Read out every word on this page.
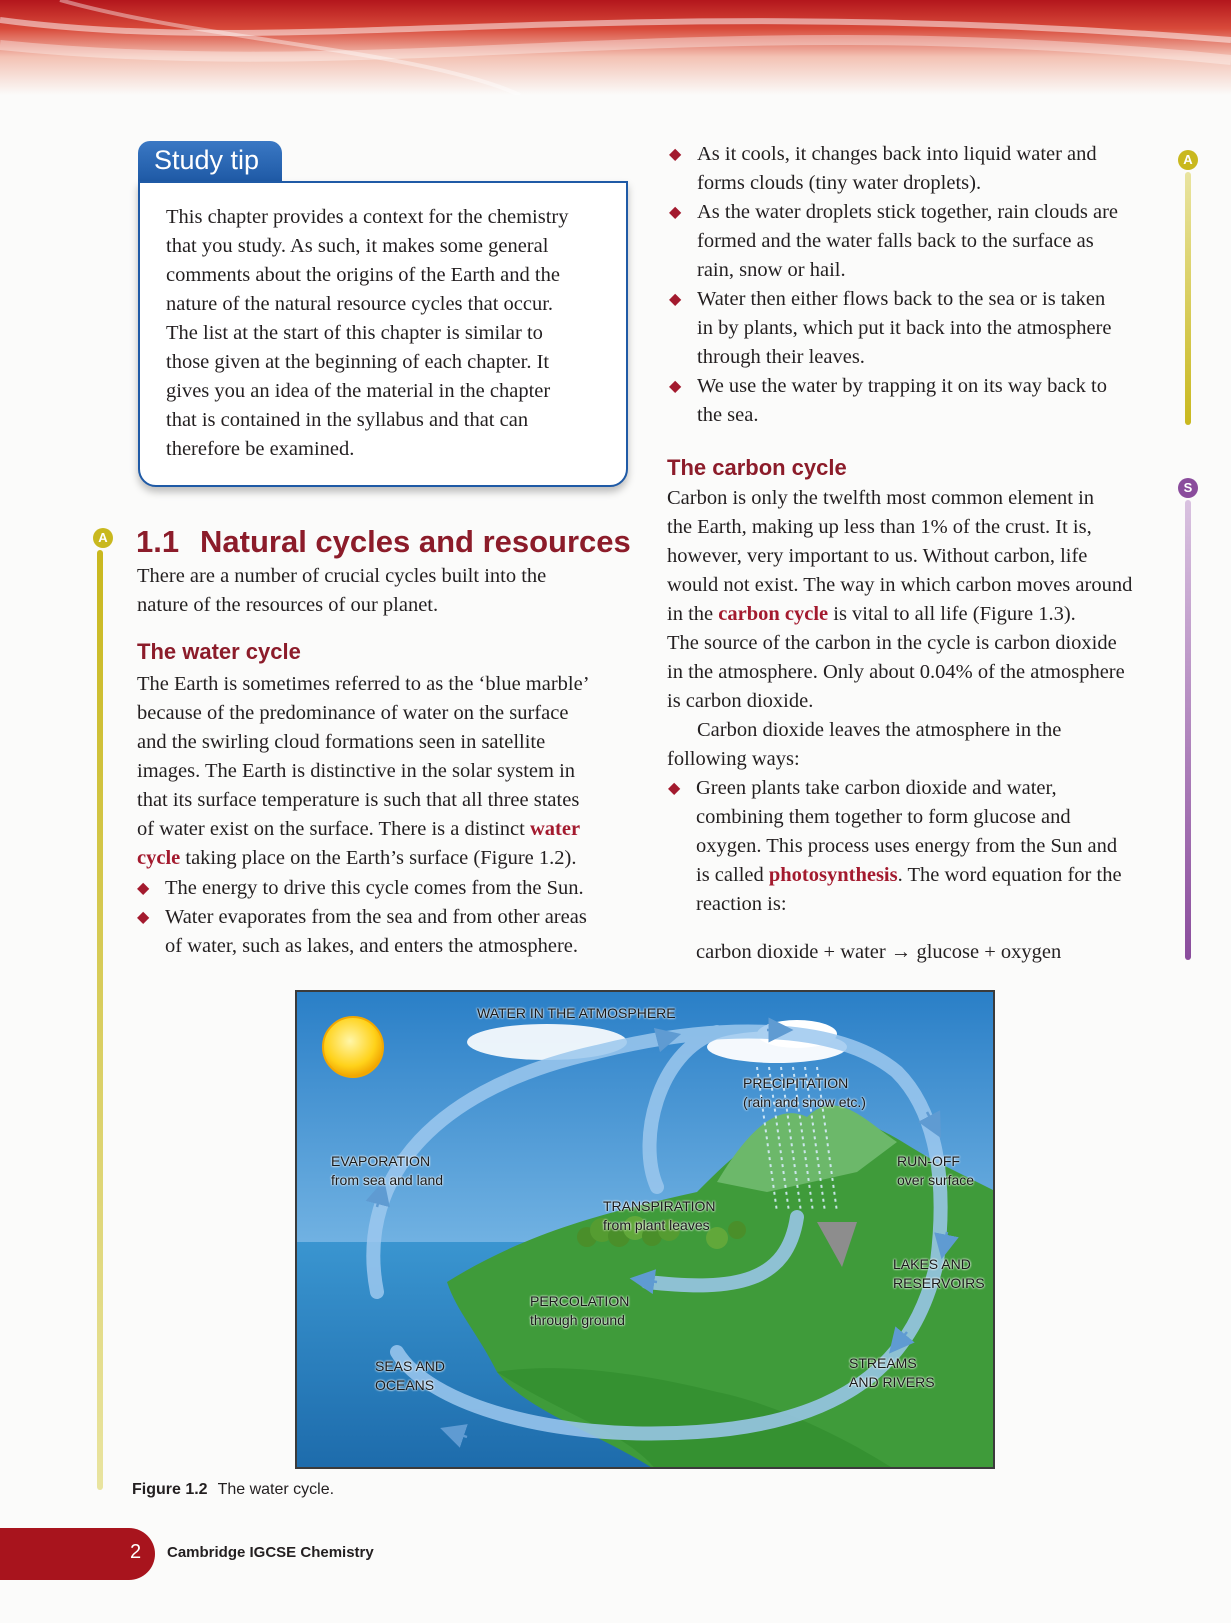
Study tip
This chapter provides a context for the chemistry
that you study. As such, it makes some general
comments about the origins of the Earth and the
nature of the natural resource cycles that occur.
The list at the start of this chapter is similar to
those given at the beginning of each chapter. It
gives you an idea of the material in the chapter
that is contained in the syllabus and that can
therefore be examined.
A
A
S
1.1 Natural cycles and resources
There are a number of crucial cycles built into the
nature of the resources of our planet.
The water cycle
The Earth is sometimes referred to as the ‘blue marble’
because of the predominance of water on the surface
and the swirling cloud formations seen in satellite
images. The Earth is distinctive in the solar system in
that its surface temperature is such that all three states
of water exist on the surface. There is a distinct water
cycle taking place on the Earth’s surface (Figure 1.2).
◆ The energy to drive this cycle comes from the Sun.
◆ Water evaporates from the sea and from other areas
of water, such as lakes, and enters the atmosphere.
◆ As it cools, it changes back into liquid water and
forms clouds (tiny water droplets).
◆ As the water droplets stick together, rain clouds are
formed and the water falls back to the surface as
rain, snow or hail.
◆ Water then either flows back to the sea or is taken
in by plants, which put it back into the atmosphere
through their leaves.
◆ We use the water by trapping it on its way back to
the sea.
The carbon cycle
Carbon is only the twelfth most common element in
the Earth, making up less than 1% of the crust. It is,
however, very important to us. Without carbon, life
would not exist. The way in which carbon moves around
in the carbon cycle is vital to all life (Figure 1.3).
The source of the carbon in the cycle is carbon dioxide
in the atmosphere. Only about 0.04% of the atmosphere
is carbon dioxide.
Carbon dioxide leaves the atmosphere in the
following ways:
◆ Green plants take carbon dioxide and water,
combining them together to form glucose and
oxygen. This process uses energy from the Sun and
is called photosynthesis. The word equation for the
reaction is:
carbon dioxide + water → glucose + oxygen
WATER IN THE ATMOSPHERE
PRECIPITATION
(rain and snow etc.)
EVAPORATION
from sea and land
RUN-OFF
over surface
TRANSPIRATION
from plant leaves
LAKES AND
RESERVOIRS
PERCOLATION
through ground
SEAS AND
OCEANS
STREAMS
AND RIVERS
Figure 1.2 The water cycle.
2	Cambridge IGCSE Chemistry
